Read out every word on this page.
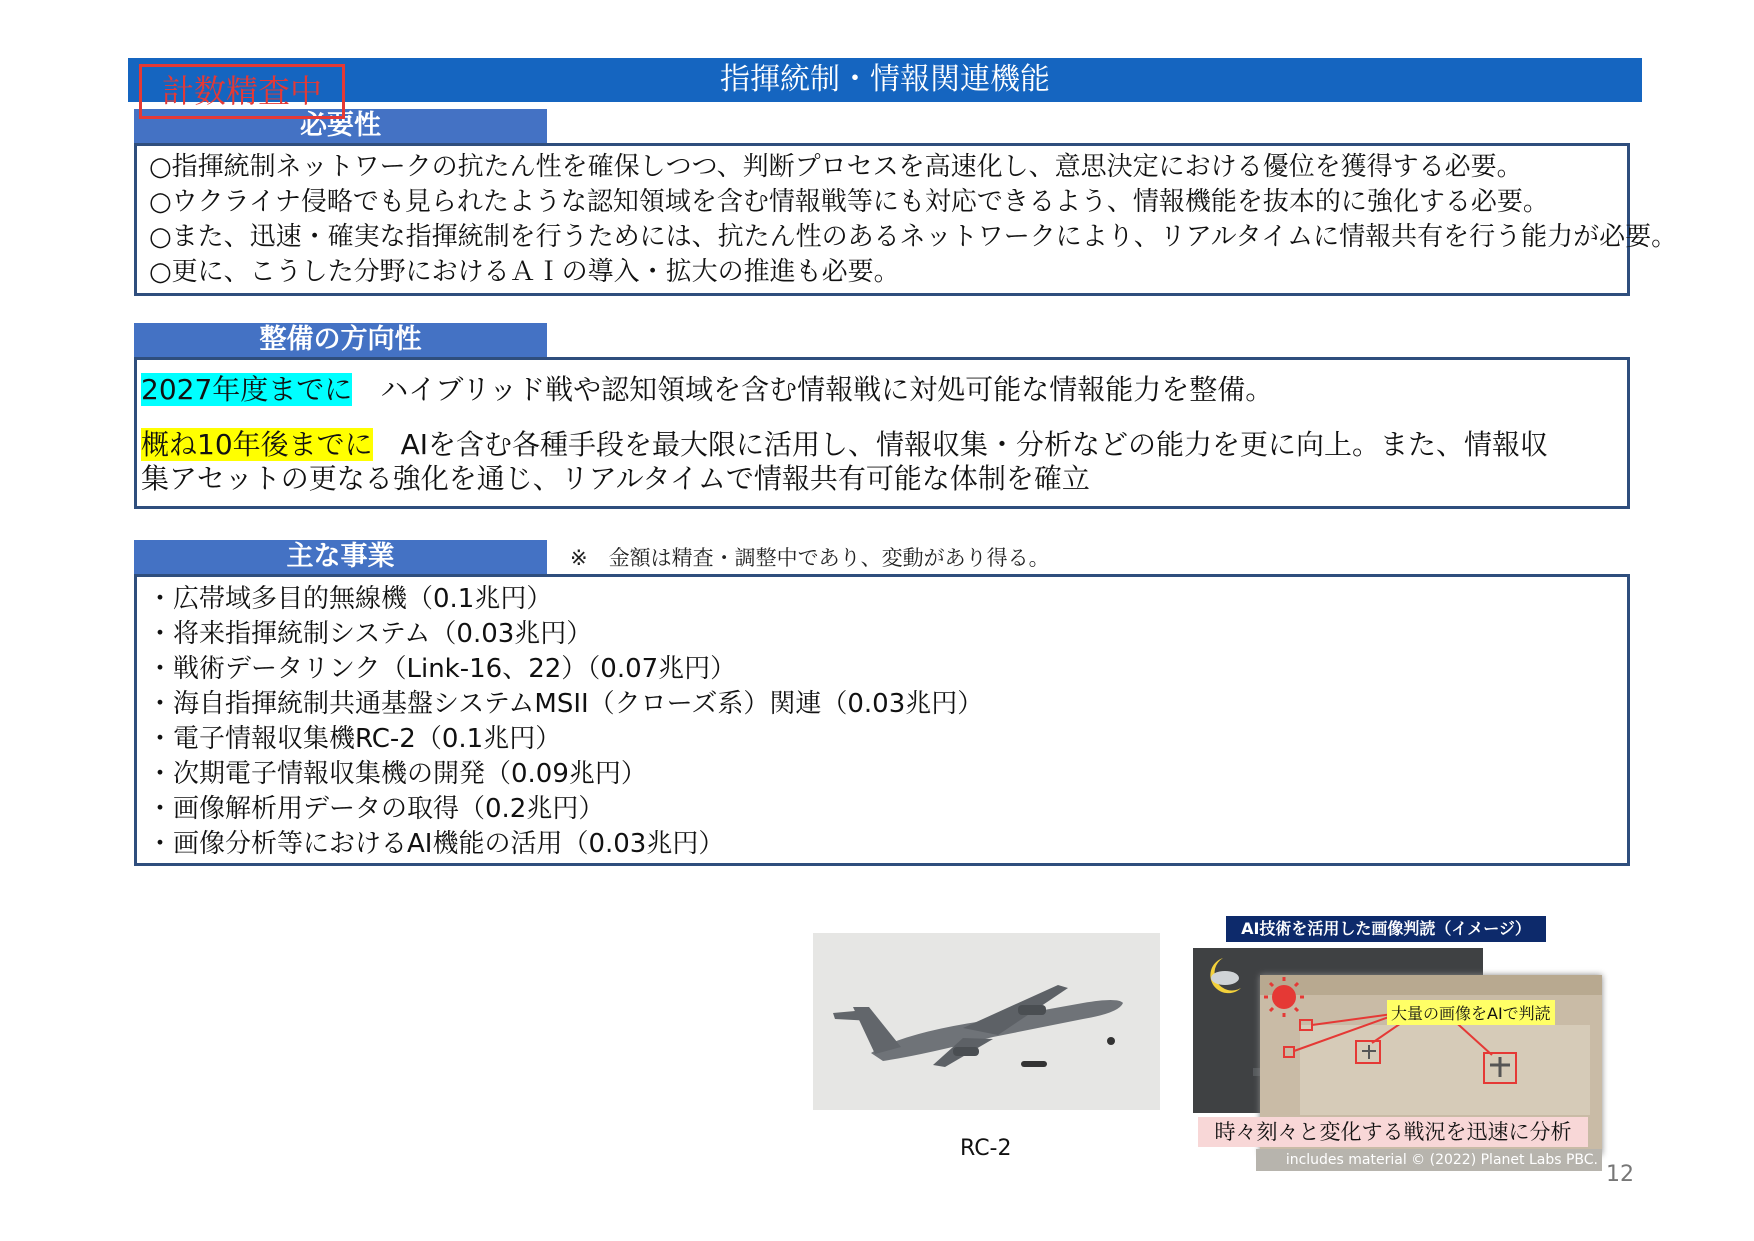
指揮統制・情報関連機能
計数精査中
必要性
○指揮統制ネットワークの抗たん性を確保しつつ、判断プロセスを高速化し、意思決定における優位を獲得する必要。
○ウクライナ侵略でも見られたような認知領域を含む情報戦等にも対応できるよう、情報機能を抜本的に強化する必要。
○また、迅速・確実な指揮統制を行うためには、抗たん性のあるネットワークにより、リアルタイムに情報共有を行う能力が必要。
○更に、こうした分野におけるＡＩの導入・拡大の推進も必要。
整備の方向性
2027年度までに ハイブリッド戦や認知領域を含む情報戦に対処可能な情報能力を整備。
概ね10年後までに AIを含む各種手段を最大限に活用し、情報収集・分析などの能力を更に向上。また、情報収
集アセットの更なる強化を通じ、リアルタイムで情報共有可能な体制を確立
主な事業	※　金額は精査・調整中であり、変動があり得る。
・広帯域多目的無線機（0.1兆円）
・将来指揮統制システム（0.03兆円）
・戦術データリンク（Link-16、22）（0.07兆円）
・海自指揮統制共通基盤システムMSII（クローズ系）関連（0.03兆円）
・電子情報収集機RC-2（0.1兆円）
・次期電子情報収集機の開発（0.09兆円）
・画像解析用データの取得（0.2兆円）
・画像分析等におけるAI機能の活用（0.03兆円）
RC-2
AI技術を活用した画像判読（イメージ）
大量の画像をAIで判読
時々刻々と変化する戦況を迅速に分析
includes material © (2022) Planet Labs PBC.
12
